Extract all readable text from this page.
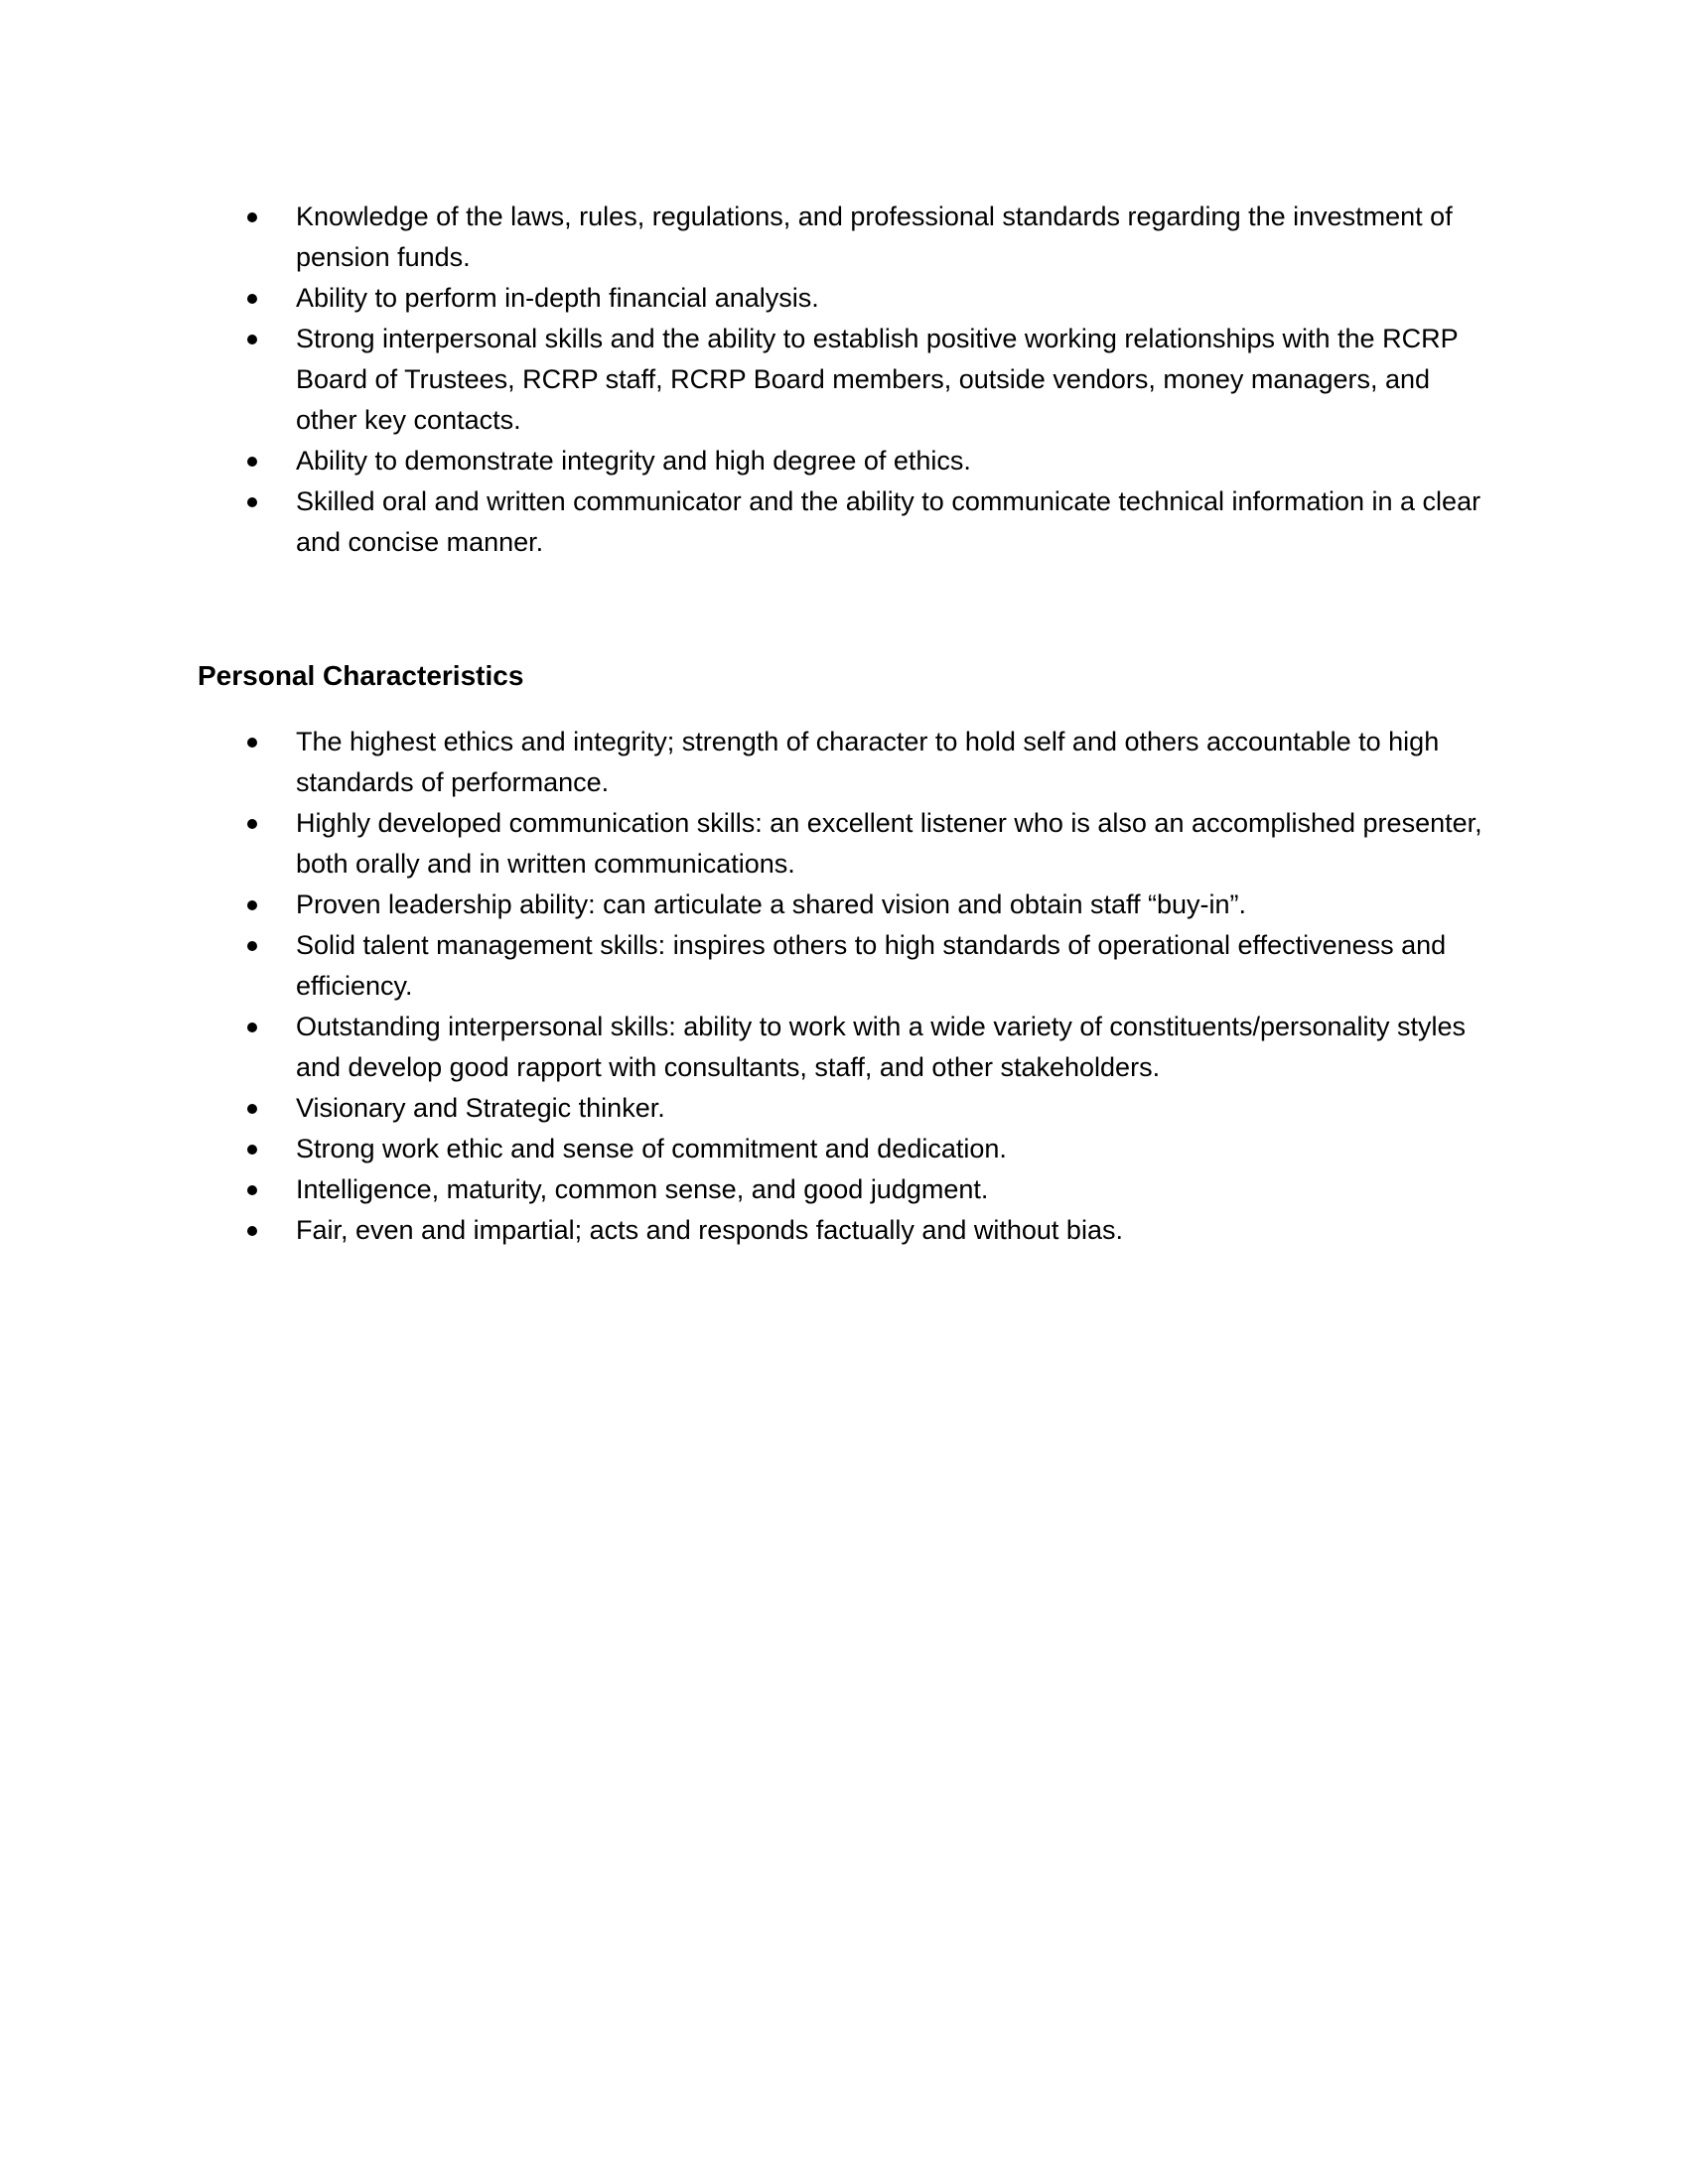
Knowledge of the laws, rules, regulations, and professional standards regarding the investment of pension funds.
Ability to perform in-depth financial analysis.
Strong interpersonal skills and the ability to establish positive working relationships with the RCRP Board of Trustees, RCRP staff, RCRP Board members, outside vendors, money managers, and other key contacts.
Ability to demonstrate integrity and high degree of ethics.
Skilled oral and written communicator and the ability to communicate technical information in a clear and concise manner.
Personal Characteristics
The highest ethics and integrity; strength of character to hold self and others accountable to high standards of performance.
Highly developed communication skills: an excellent listener who is also an accomplished presenter, both orally and in written communications.
Proven leadership ability: can articulate a shared vision and obtain staff “buy-in”.
Solid talent management skills: inspires others to high standards of operational effectiveness and efficiency.
Outstanding interpersonal skills: ability to work with a wide variety of constituents/personality styles and develop good rapport with consultants, staff, and other stakeholders.
Visionary and Strategic thinker.
Strong work ethic and sense of commitment and dedication.
Intelligence, maturity, common sense, and good judgment.
Fair, even and impartial; acts and responds factually and without bias.
